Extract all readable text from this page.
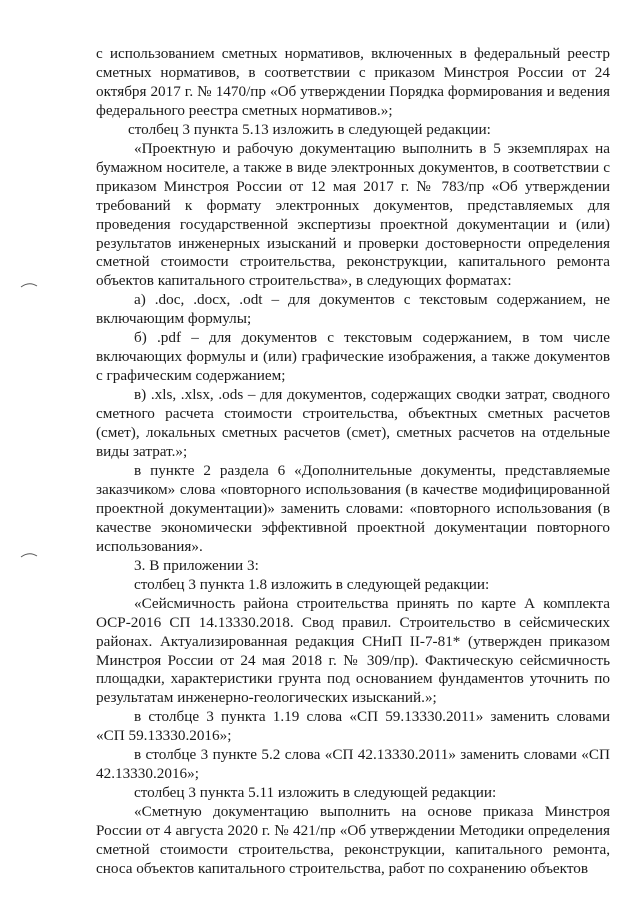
с использованием сметных нормативов, включенных в федеральный реестр сметных нормативов, в соответствии с приказом Минстроя России от 24 октября 2017 г. № 1470/пр «Об утверждении Порядка формирования и ведения федерального реестра сметных нормативов.»;

столбец 3 пункта 5.13 изложить в следующей редакции:

«Проектную и рабочую документацию выполнить в 5 экземплярах на бумажном носителе, а также в виде электронных документов, в соответствии с приказом Минстроя России от 12 мая 2017 г. № 783/пр «Об утверждении требований к формату электронных документов, представляемых для проведения государственной экспертизы проектной документации и (или) результатов инженерных изысканий и проверки достоверности определения сметной стоимости строительства, реконструкции, капитального ремонта объектов капитального строительства», в следующих форматах:

а) .doc, .docx, .odt – для документов с текстовым содержанием, не включающим формулы;

б) .pdf – для документов с текстовым содержанием, в том числе включающих формулы и (или) графические изображения, а также документов с графическим содержанием;

в) .xls, .xlsx, .ods – для документов, содержащих сводки затрат, сводного сметного расчета стоимости строительства, объектных сметных расчетов (смет), локальных сметных расчетов (смет), сметных расчетов на отдельные виды затрат.»;

в пункте 2 раздела 6 «Дополнительные документы, представляемые заказчиком» слова «повторного использования (в качестве модифицированной проектной документации)» заменить словами: «повторного использования (в качестве экономически эффективной проектной документации повторного использования».

3. В приложении 3:

столбец 3 пункта 1.8 изложить в следующей редакции:

«Сейсмичность района строительства принять по карте А комплекта ОСР-2016 СП 14.13330.2018. Свод правил. Строительство в сейсмических районах. Актуализированная редакция СНиП II-7-81* (утвержден приказом Минстроя России от 24 мая 2018 г. № 309/пр). Фактическую сейсмичность площадки, характеристики грунта под основанием фундаментов уточнить по результатам инженерно-геологических изысканий.»;

в столбце 3 пункта 1.19 слова «СП 59.13330.2011» заменить словами «СП 59.13330.2016»;

в столбце 3 пункте 5.2 слова «СП 42.13330.2011» заменить словами «СП 42.13330.2016»;

столбец 3 пункта 5.11 изложить в следующей редакции:

«Сметную документацию выполнить на основе приказа Минстроя России от 4 августа 2020 г. № 421/пр «Об утверждении Методики определения сметной стоимости строительства, реконструкции, капитального ремонта, сноса объектов капитального строительства, работ по сохранению объектов
